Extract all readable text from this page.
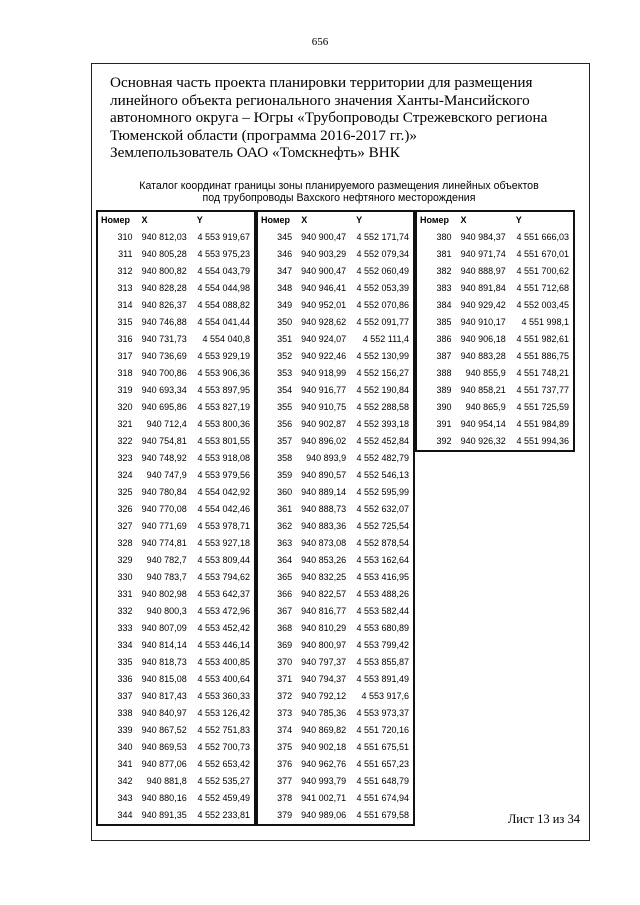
656
Основная часть проекта планировки территории для размещения
линейного объекта регионального значения Ханты-Мансийского
автономного округа – Югры «Трубопроводы Стрежевского региона
Тюменской области (программа 2016-2017 гг.)»
Землепользователь ОАО «Томскнефть» ВНК
Каталог координат границы зоны планируемого размещения линейных объектов
под трубопроводы Вахского нефтяного месторождения
Номер	X	Y
310	940 812,03	4 553 919,67
311	940 805,28	4 553 975,23
312	940 800,82	4 554 043,79
313	940 828,28	4 554 044,98
314	940 826,37	4 554 088,82
315	940 746,88	4 554 041,44
316	940 731,73	4 554 040,8
317	940 736,69	4 553 929,19
318	940 700,86	4 553 906,36
319	940 693,34	4 553 897,95
320	940 695,86	4 553 827,19
321	940 712,4	4 553 800,36
322	940 754,81	4 553 801,55
323	940 748,92	4 553 918,08
324	940 747,9	4 553 979,56
325	940 780,84	4 554 042,92
326	940 770,08	4 554 042,46
327	940 771,69	4 553 978,71
328	940 774,81	4 553 927,18
329	940 782,7	4 553 809,44
330	940 783,7	4 553 794,62
331	940 802,98	4 553 642,37
332	940 800,3	4 553 472,96
333	940 807,09	4 553 452,42
334	940 814,14	4 553 446,14
335	940 818,73	4 553 400,85
336	940 815,08	4 553 400,64
337	940 817,43	4 553 360,33
338	940 840,97	4 553 126,42
339	940 867,52	4 552 751,83
340	940 869,53	4 552 700,73
341	940 877,06	4 552 653,42
342	940 881,8	4 552 535,27
343	940 880,16	4 552 459,49
344	940 891,35	4 552 233,81
Номер	X	Y
345	940 900,47	4 552 171,74
346	940 903,29	4 552 079,34
347	940 900,47	4 552 060,49
348	940 946,41	4 552 053,39
349	940 952,01	4 552 070,86
350	940 928,62	4 552 091,77
351	940 924,07	4 552 111,4
352	940 922,46	4 552 130,99
353	940 918,99	4 552 156,27
354	940 916,77	4 552 190,84
355	940 910,75	4 552 288,58
356	940 902,87	4 552 393,18
357	940 896,02	4 552 452,84
358	940 893,9	4 552 482,79
359	940 890,57	4 552 546,13
360	940 889,14	4 552 595,99
361	940 888,73	4 552 632,07
362	940 883,36	4 552 725,54
363	940 873,08	4 552 878,54
364	940 853,26	4 553 162,64
365	940 832,25	4 553 416,95
366	940 822,57	4 553 488,26
367	940 816,77	4 553 582,44
368	940 810,29	4 553 680,89
369	940 800,97	4 553 799,42
370	940 797,37	4 553 855,87
371	940 794,37	4 553 891,49
372	940 792,12	4 553 917,6
373	940 785,36	4 553 973,37
374	940 869,82	4 551 720,16
375	940 902,18	4 551 675,51
376	940 962,76	4 551 657,23
377	940 993,79	4 551 648,79
378	941 002,71	4 551 674,94
379	940 989,06	4 551 679,58
Номер	X	Y
380	940 984,37	4 551 666,03
381	940 971,74	4 551 670,01
382	940 888,97	4 551 700,62
383	940 891,84	4 551 712,68
384	940 929,42	4 552 003,45
385	940 910,17	4 551 998,1
386	940 906,18	4 551 982,61
387	940 883,28	4 551 886,75
388	940 855,9	4 551 748,21
389	940 858,21	4 551 737,77
390	940 865,9	4 551 725,59
391	940 954,14	4 551 984,89
392	940 926,32	4 551 994,36
Лист 13 из 34
